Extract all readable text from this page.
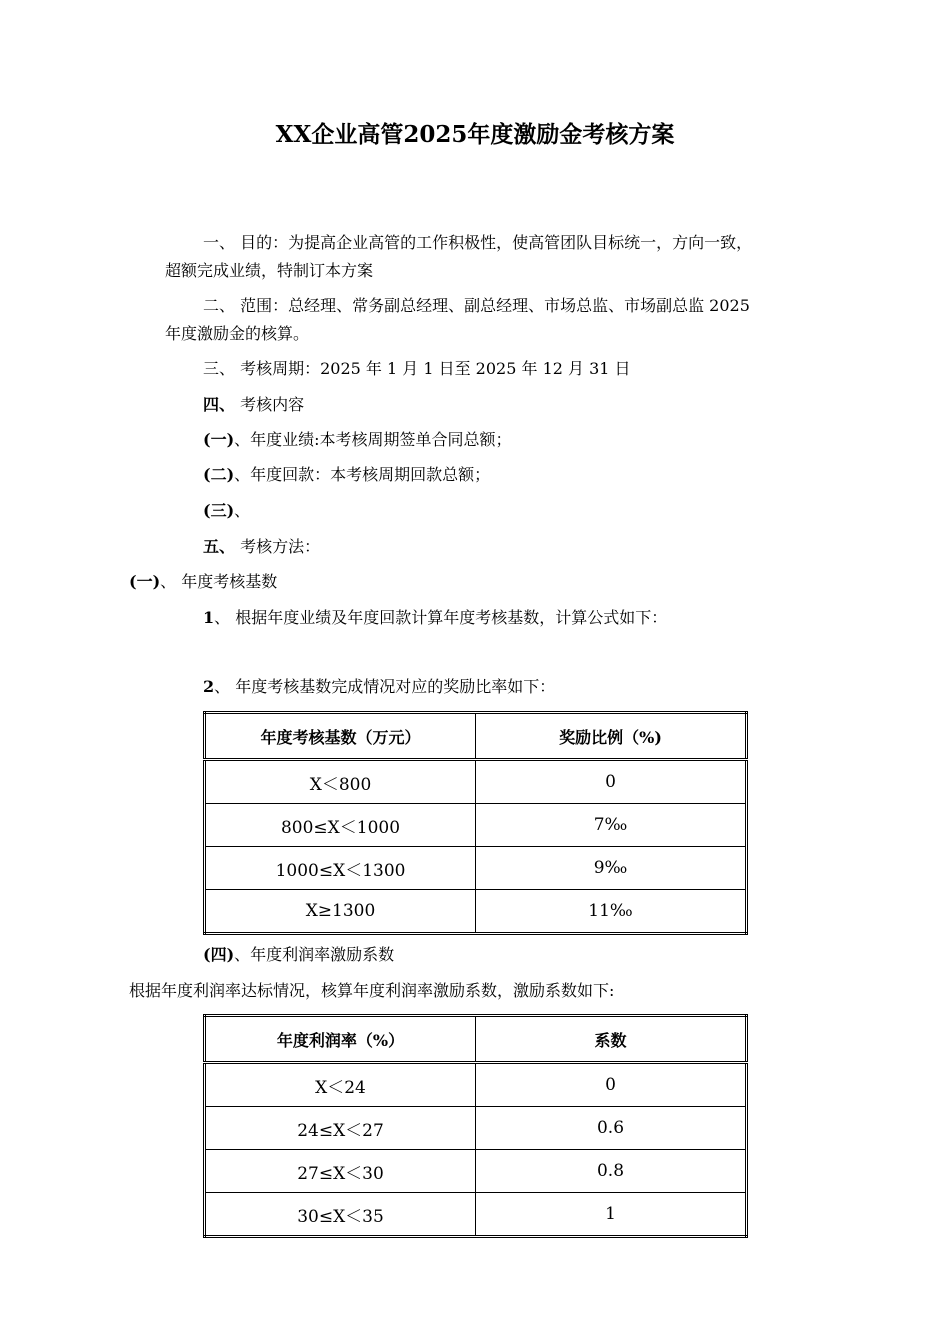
XX企业高管2025年度激励金考核方案
一、 目的：为提高企业高管的工作积极性，使高管团队目标统一，方向一致，
超额完成业绩，特制订本方案
二、 范围：总经理、常务副总经理、副总经理、市场总监、市场副总监 2025
年度激励金的核算。
三、 考核周期：2025 年 1 月 1 日至 2025 年 12 月 31 日
四、 考核内容
(一)、年度业绩:本考核周期签单合同总额；
(二)、年度回款：本考核周期回款总额；
(三)、
五、 考核方法：
(一)、 年度考核基数
1、 根据年度业绩及年度回款计算年度考核基数，计算公式如下：
2、 年度考核基数完成情况对应的奖励比率如下：
年度考核基数（万元）	奖励比例（%)
X＜800	0
800≤X＜1000	7‰
1000≤X＜1300	9‰
X≥1300	11‰
(四)、年度利润率激励系数
根据年度利润率达标情况，核算年度利润率激励系数，激励系数如下:
年度利润率（%）	系数
X＜24	0
24≤X＜27	0.6
27≤X＜30	0.8
30≤X＜35	1
